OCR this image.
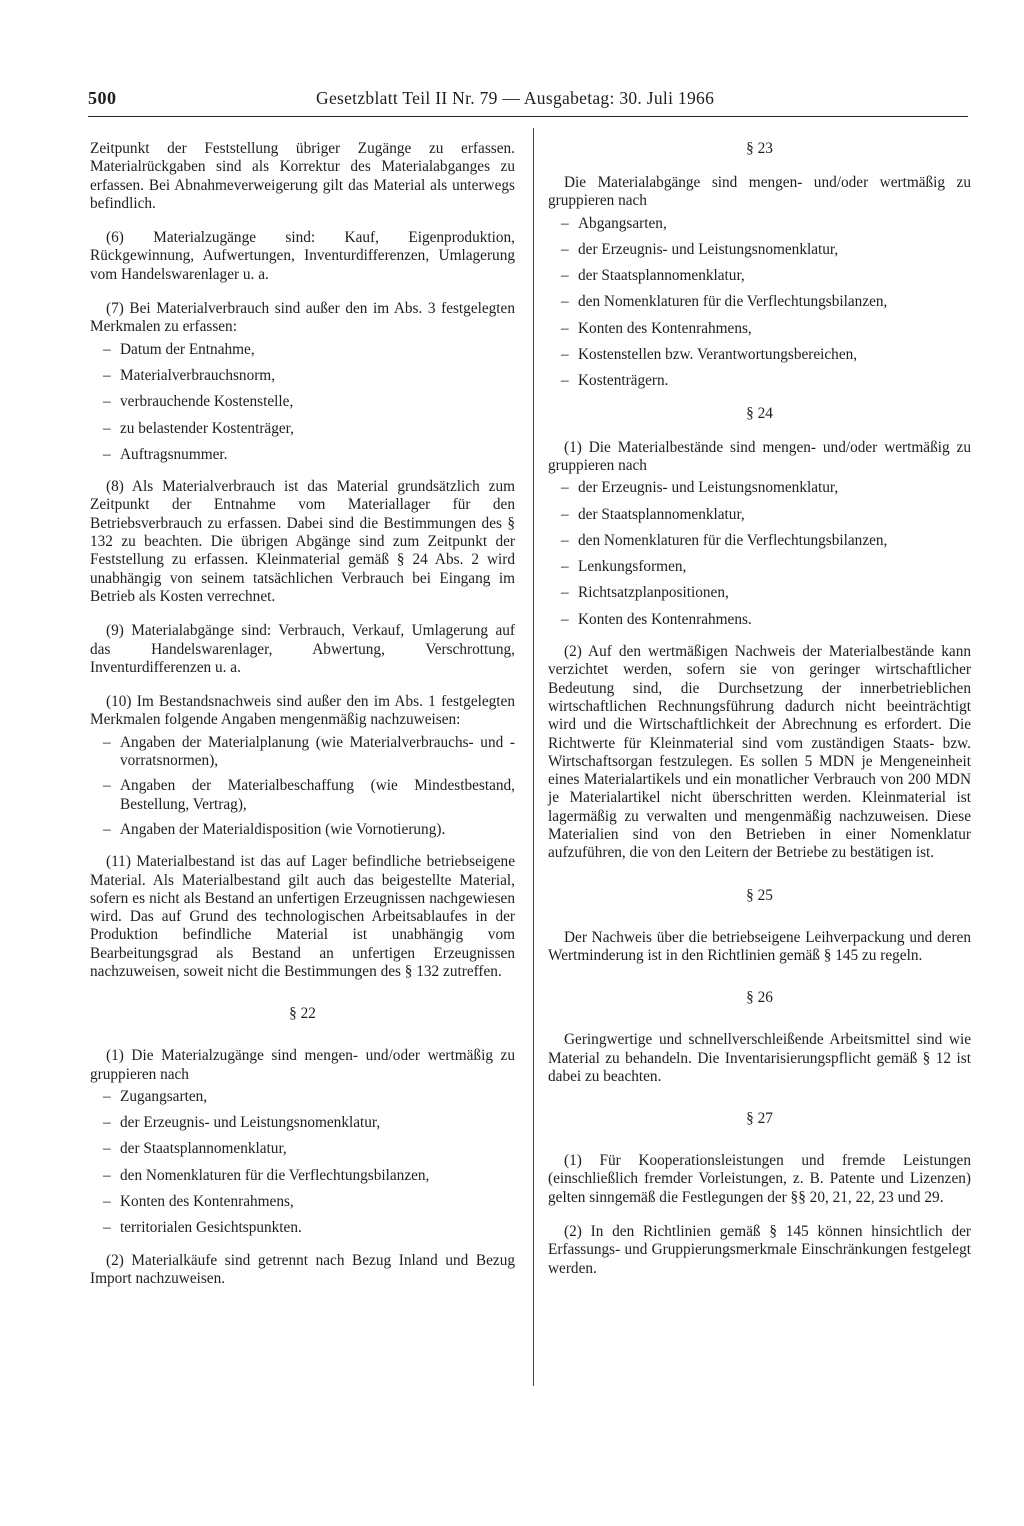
500	Gesetzblatt Teil II Nr. 79 — Ausgabetag: 30. Juli 1966

Zeitpunkt der Feststellung übriger Zugänge zu erfassen. Materialrückgaben sind als Korrektur des Materialabganges zu erfassen. Bei Abnahmeverweigerung gilt das Material als unterwegs befindlich.

(6) Materialzugänge sind: Kauf, Eigenproduktion, Rückgewinnung, Aufwertungen, Inventurdifferenzen, Umlagerung vom Handelswarenlager u. a.

(7) Bei Materialverbrauch sind außer den im Abs. 3 festgelegten Merkmalen zu erfassen:

– Datum der Entnahme,
– Materialverbrauchsnorm,
– verbrauchende Kostenstelle,
– zu belastender Kostenträger,
– Auftragsnummer.

(8) Als Materialverbrauch ist das Material grundsätzlich zum Zeitpunkt der Entnahme vom Materiallager für den Betriebsverbrauch zu erfassen. Dabei sind die Bestimmungen des § 132 zu beachten. Die übrigen Abgänge sind zum Zeitpunkt der Feststellung zu erfassen. Kleinmaterial gemäß § 24 Abs. 2 wird unabhängig von seinem tatsächlichen Verbrauch bei Eingang im Betrieb als Kosten verrechnet.

(9) Materialabgänge sind: Verbrauch, Verkauf, Umlagerung auf das Handelswarenlager, Abwertung, Verschrottung, Inventurdifferenzen u. a.

(10) Im Bestandsnachweis sind außer den im Abs. 1 festgelegten Merkmalen folgende Angaben mengenmäßig nachzuweisen:

– Angaben der Materialplanung (wie Materialverbrauchs- und -vorratsnormen),
– Angaben der Materialbeschaffung (wie Mindestbestand, Bestellung, Vertrag),
– Angaben der Materialdisposition (wie Vornotierung).

(11) Materialbestand ist das auf Lager befindliche betriebseigene Material. Als Materialbestand gilt auch das beigestellte Material, sofern es nicht als Bestand an unfertigen Erzeugnissen nachgewiesen wird. Das auf Grund des technologischen Arbeitsablaufes in der Produktion befindliche Material ist unabhängig vom Bearbeitungsgrad als Bestand an unfertigen Erzeugnissen nachzuweisen, soweit nicht die Bestimmungen des § 132 zutreffen.

§ 22

(1) Die Materialzugänge sind mengen- und/oder wertmäßig zu gruppieren nach

– Zugangsarten,
– der Erzeugnis- und Leistungsnomenklatur,
– der Staatsplannomenklatur,
– den Nomenklaturen für die Verflechtungsbilanzen,
– Konten des Kontenrahmens,
– territorialen Gesichtspunkten.

(2) Materialkäufe sind getrennt nach Bezug Inland und Bezug Import nachzuweisen.

§ 23

Die Materialabgänge sind mengen- und/oder wertmäßig zu gruppieren nach

– Abgangsarten,
– der Erzeugnis- und Leistungsnomenklatur,
– der Staatsplannomenklatur,
– den Nomenklaturen für die Verflechtungsbilanzen,
– Konten des Kontenrahmens,
– Kostenstellen bzw. Verantwortungsbereichen,
– Kostenträgern.
§ 24

(1) Die Materialbestände sind mengen- und/oder wertmäßig zu gruppieren nach

– der Erzeugnis- und Leistungsnomenklatur,
– der Staatsplannomenklatur,
– den Nomenklaturen für die Verflechtungsbilanzen,
– Lenkungsformen,
– Richtsatzplanpositionen,
– Konten des Kontenrahmens.

(2) Auf den wertmäßigen Nachweis der Materialbestände kann verzichtet werden, sofern sie von geringer wirtschaftlicher Bedeutung sind, die Durchsetzung der innerbetrieblichen wirtschaftlichen Rechnungsführung dadurch nicht beeinträchtigt wird und die Wirtschaftlichkeit der Abrechnung es erfordert. Die Richtwerte für Kleinmaterial sind vom zuständigen Staats- bzw. Wirtschaftsorgan festzulegen. Es sollen 5 MDN je Mengeneinheit eines Materialartikels und ein monatlicher Verbrauch von 200 MDN je Materialartikel nicht überschritten werden. Kleinmaterial ist lagermäßig zu verwalten und mengenmäßig nachzuweisen. Diese Materialien sind von den Betrieben in einer Nomenklatur aufzuführen, die von den Leitern der Betriebe zu bestätigen ist.

§ 25

Der Nachweis über die betriebseigene Leihverpackung und deren Wertminderung ist in den Richtlinien gemäß § 145 zu regeln.

§ 26

Geringwertige und schnellverschleißende Arbeitsmittel sind wie Material zu behandeln. Die Inventarisierungspflicht gemäß § 12 ist dabei zu beachten.

§ 27

(1) Für Kooperationsleistungen und fremde Leistungen (einschließlich fremder Vorleistungen, z. B. Patente und Lizenzen) gelten sinngemäß die Festlegungen der §§ 20, 21, 22, 23 und 29.

(2) In den Richtlinien gemäß § 145 können hinsichtlich der Erfassungs- und Gruppierungsmerkmale Einschränkungen festgelegt werden.
